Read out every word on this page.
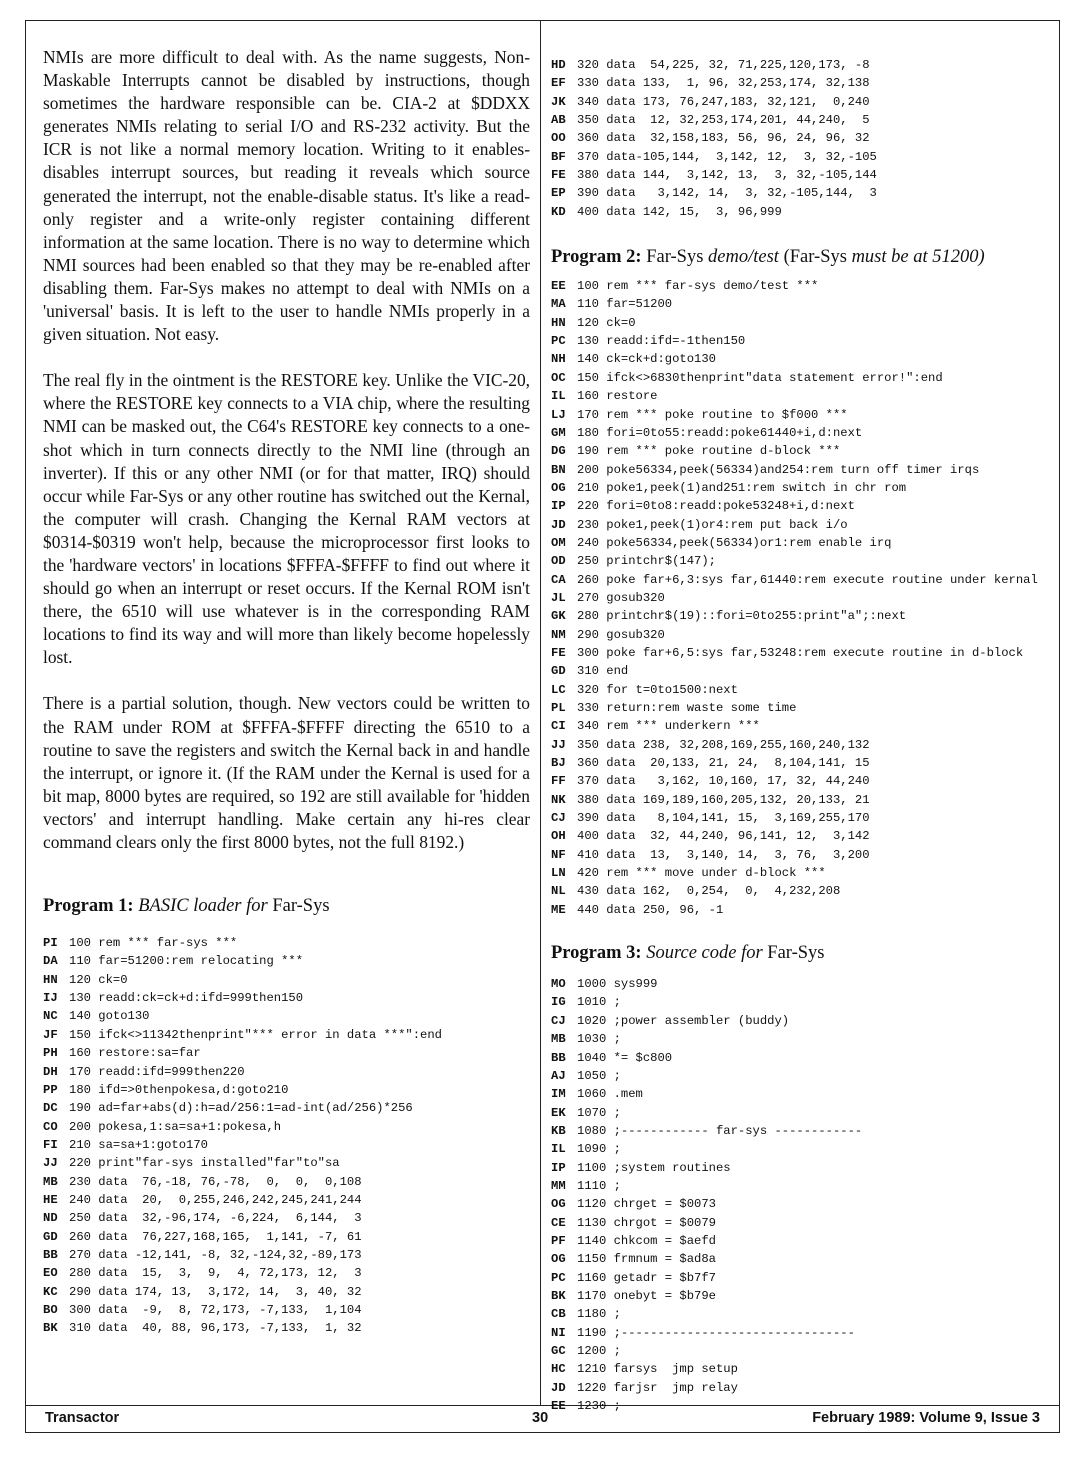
NMIs are more difficult to deal with. As the name suggests, Non-Maskable Interrupts cannot be disabled by instructions, though sometimes the hardware responsible can be. CIA-2 at $DDXX generates NMIs relating to serial I/O and RS-232 activity. But the ICR is not like a normal memory location. Writing to it enables-disables interrupt sources, but reading it reveals which source generated the interrupt, not the enable-disable status. It's like a read-only register and a write-only register containing different information at the same location. There is no way to determine which NMI sources had been enabled so that they may be re-enabled after disabling them. Far-Sys makes no attempt to deal with NMIs on a 'universal' basis. It is left to the user to handle NMIs properly in a given situation. Not easy.

The real fly in the ointment is the RESTORE key. Unlike the VIC-20, where the RESTORE key connects to a VIA chip, where the resulting NMI can be masked out, the C64's RESTORE key connects to a one-shot which in turn connects directly to the NMI line (through an inverter). If this or any other NMI (or for that matter, IRQ) should occur while Far-Sys or any other routine has switched out the Kernal, the computer will crash. Changing the Kernal RAM vectors at $0314-$0319 won't help, because the microprocessor first looks to the 'hardware vectors' in locations $FFFA-$FFFF to find out where it should go when an interrupt or reset occurs. If the Kernal ROM isn't there, the 6510 will use whatever is in the corresponding RAM locations to find its way and will more than likely become hopelessly lost.

There is a partial solution, though. New vectors could be written to the RAM under ROM at $FFFA-$FFFF directing the 6510 to a routine to save the registers and switch the Kernal back in and handle the interrupt, or ignore it. (If the RAM under the Kernal is used for a bit map, 8000 bytes are required, so 192 are still available for 'hidden vectors' and interrupt handling. Make certain any hi-res clear command clears only the first 8000 bytes, not the full 8192.)

Program 1: BASIC loader for Far-Sys

PI 100 rem *** far-sys ***
DA 110 far=51200:rem relocating ***
HN 120 ck=0
IJ 130 readd:ck=ck+d:ifd=999then150
NC 140 goto130
JF 150 ifck<>11342thenprint"*** error in data ***":end
PH 160 restore:sa=far
DH 170 readd:ifd=999then220
PP 180 ifd=>0thenpokesa,d:goto210
DC 190 ad=far+abs(d):h=ad/256:1=ad-int(ad/256)*256
CO 200 pokesa,1:sa=sa+1:pokesa,h
FI 210 sa=sa+1:goto170
JJ 220 print"far-sys installed"far"to"sa
MB 230 data  76,-18, 76,-78,  0,  0,  0,108
HE 240 data  20,  0,255,246,242,245,241,244
ND 250 data  32,-96,174, -6,224,  6,144,  3
GD 260 data  76,227,168,165,  1,141, -7, 61
BB 270 data -12,141, -8, 32,-124,32,-89,173
EO 280 data  15,  3,  9,  4, 72,173, 12,  3
KC 290 data 174, 13,  3,172, 14,  3, 40, 32
BO 300 data  -9,  8, 72,173, -7,133,  1,104
BK 310 data  40, 88, 96,173, -7,133,  1, 32
HD 320 data  54,225, 32, 71,225,120,173, -8
EF 330 data 133,  1, 96, 32,253,174, 32,138
JK 340 data 173, 76,247,183, 32,121,  0,240
AB 350 data  12, 32,253,174,201, 44,240,  5
OO 360 data  32,158,183, 56, 96, 24, 96, 32
BF 370 data-105,144,  3,142, 12,  3, 32,-105
FE 380 data 144,  3,142, 13,  3, 32,-105,144
EP 390 data   3,142, 14,  3, 32,-105,144,  3
KD 400 data 142, 15,  3, 96,999

Program 2: Far-Sys demo/test (Far-Sys must be at 51200)

EE 100 rem *** far-sys demo/test ***
MA 110 far=51200
HN 120 ck=0
PC 130 readd:ifd=-1then150
NH 140 ck=ck+d:goto130
OC 150 ifck<>6830thenprint"data statement error!":end
IL 160 restore
LJ 170 rem *** poke routine to $f000 ***
GM 180 fori=0to55:readd:poke61440+i,d:next
DG 190 rem *** poke routine d-block ***
BN 200 poke56334,peek(56334)and254:rem turn off timer irqs
OG 210 poke1,peek(1)and251:rem switch in chr rom
IP 220 fori=0to8:readd:poke53248+i,d:next
JD 230 poke1,peek(1)or4:rem put back i/o
OM 240 poke56334,peek(56334)or1:rem enable irq
OD 250 printchr$(147);
CA 260 poke far+6,3:sys far,61440:rem execute routine under kernal
JL 270 gosub320
GK 280 printchr$(19)::fori=0to255:print"a";:next
NM 290 gosub320
FE 300 poke far+6,5:sys far,53248:rem execute routine in d-block
GD 310 end
LC 320 for t=0to1500:next
PL 330 return:rem waste some time
CI 340 rem *** underkern ***
JJ 350 data 238, 32,208,169,255,160,240,132
BJ 360 data  20,133, 21, 24,  8,104,141, 15
FF 370 data   3,162, 10,160, 17, 32, 44,240
NK 380 data 169,189,160,205,132, 20,133, 21
CJ 390 data   8,104,141, 15,  3,169,255,170
OH 400 data  32, 44,240, 96,141, 12,  3,142
NF 410 data  13,  3,140, 14,  3, 76,  3,200
LN 420 rem *** move under d-block ***
NL 430 data 162,  0,254,  0,  4,232,208
ME 440 data 250, 96, -1

Program 3: Source code for Far-Sys

MO 1000 sys999
IG 1010 ;
CJ 1020 ;power assembler (buddy)
MB 1030 ;
BB 1040 *= $c800
AJ 1050 ;
IM 1060 .mem
EK 1070 ;
KB 1080 ;------------ far-sys ------------
IL 1090 ;
IP 1100 ;system routines
MM 1110 ;
OG 1120 chrget = $0073
CE 1130 chrgot = $0079
PF 1140 chkcom = $aefd
OG 1150 frmnum = $ad8a
PC 1160 getadr = $b7f7
BK 1170 onebyt = $b79e
CB 1180 ;
NI 1190 ;--------------------------------
GC 1200 ;
HC 1210 farsys  jmp setup
JD 1220 farjsr  jmp relay
EE 1230 ;
Transactor	30	February 1989: Volume 9, Issue 3
